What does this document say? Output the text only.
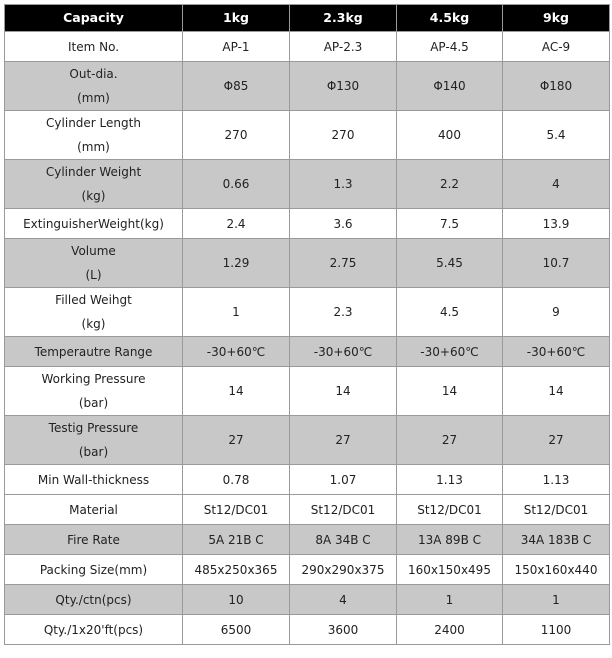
Capacity	1kg	2.3kg	4.5kg	9kg

Item No.	AP-1	AP-2.3	AP-4.5	AC-9

Out-dia.
(mm)	Φ85	Φ130	Φ140	Φ180

Cylinder Length
(mm)	270	270	400	5.4

Cylinder Weight
(kg)	0.66	1.3	2.2	4

ExtinguisherWeight(kg)	2.4	3.6	7.5	13.9

Volume
(L)	1.29	2.75	5.45	10.7

Filled Weihgt
(kg)	1	2.3	4.5	9

Temperautre Range	-30+60℃	-30+60℃	-30+60℃	-30+60℃

Working Pressure
(bar)	14	14	14	14

Testig Pressure
(bar)	27	27	27	27

Min Wall-thickness	0.78	1.07	1.13	1.13

Material	St12/DC01	St12/DC01	St12/DC01	St12/DC01

Fire Rate	5A 21B C	8A 34B C	13A 89B C	34A 183B C

Packing Size(mm)	485x250x365	290x290x375	160x150x495	150x160x440

Qty./ctn(pcs)	10	4	1	1

Qty./1x20'ft(pcs)	6500	3600	2400	1100
